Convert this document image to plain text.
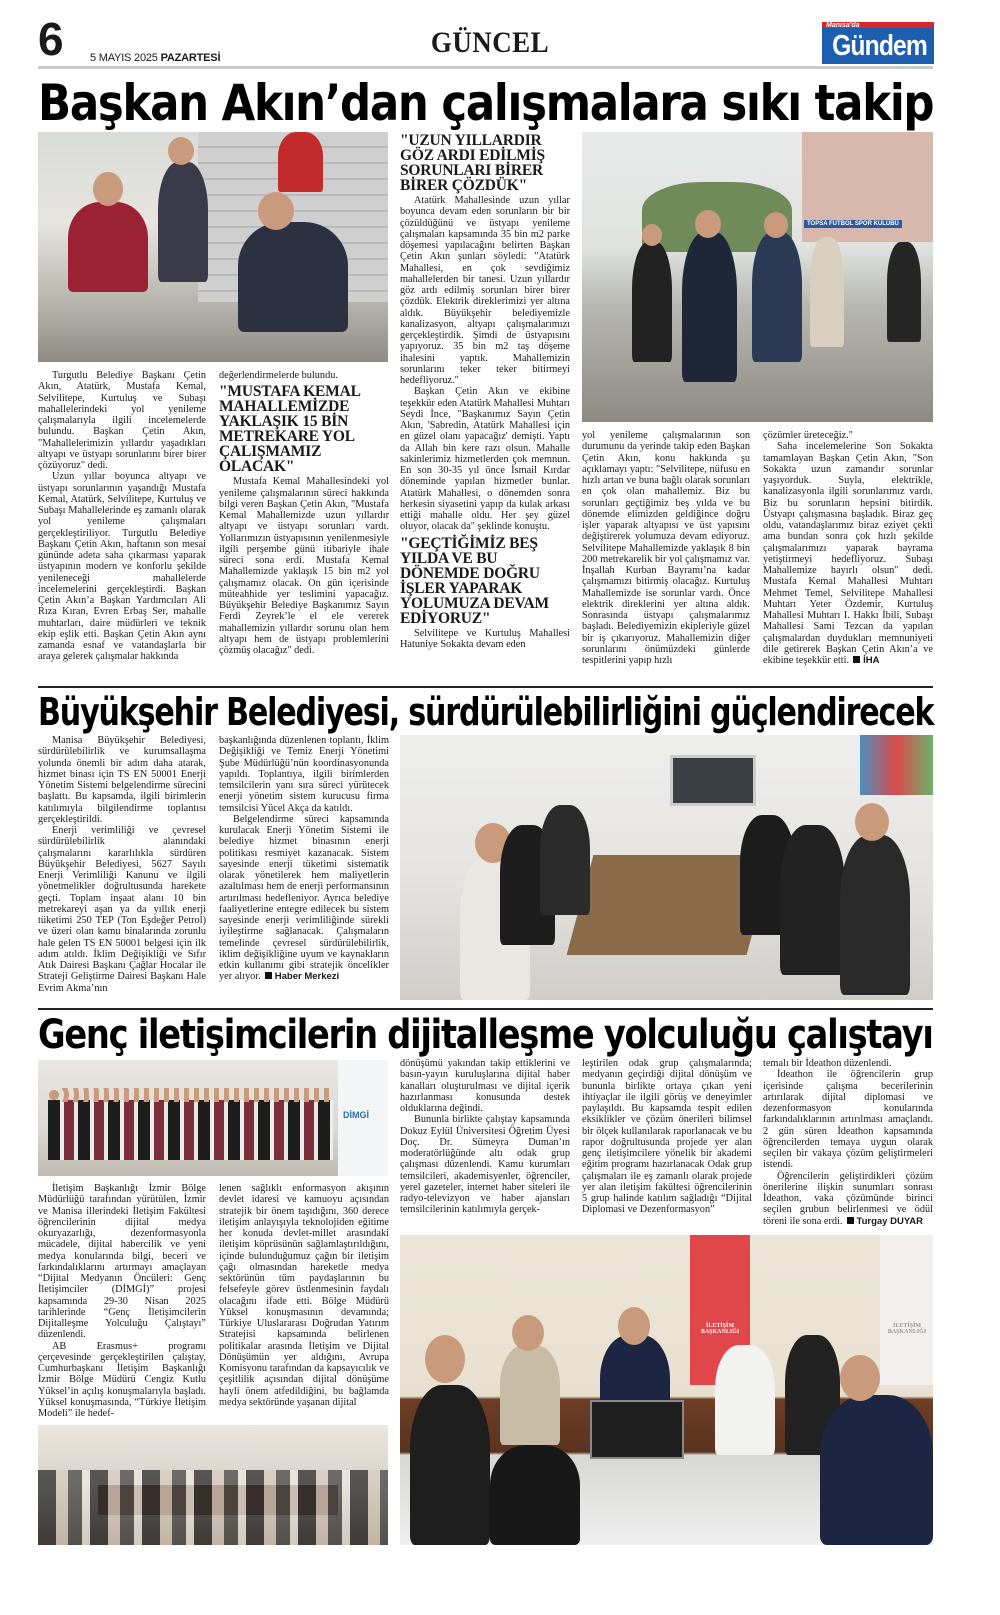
6 5 MAYIS 2025 PAZARTESİ	GÜNCEL
Manisa'da
Gündem
Başkan Akın’dan çalışmalara sıkı takip

Turgutlu Belediye Başkanı Çetin Akın, Atatürk, Mustafa Kemal, Selvilitepe, Kurtuluş ve Subaşı mahallelerindeki yol yenileme çalışmalarıyla ilgili incelemelerde bulundu. Başkan Çetin Akın, "Mahallelerimizin yıllardır yaşadıkları altyapı ve üstyapı sorunlarını birer birer çözüyoruz" dedi.

Uzun yıllar boyunca altyapı ve üstyapı sorunlarının yaşandığı Mustafa Kemal, Atatürk, Selvilitepe, Kurtuluş ve Subaşı Mahallelerinde eş zamanlı olarak yol yenileme çalışmaları gerçekleştiriliyor. Turgutlu Belediye Başkanı Çetin Akın, haftanın son mesai gününde adeta saha çıkarması yaparak üstyapının modern ve konforlu şekilde yenileneceği mahallelerde incelemelerini gerçekleştirdi. Başkan Çetin Akın’a Başkan Yardımcıları Ali Rıza Kıran, Evren Erbaş Ser, mahalle muhtarları, daire müdürleri ve teknik ekip eşlik etti. Başkan Çetin Akın aynı zamanda esnaf ve vatandaşlarla bir araya gelerek çalışmalar hakkında

değerlendirmelerde bulundu.

"MUSTAFA KEMAL MAHALLEMİZDE YAKLAŞIK 15 BİN METREKARE YOL ÇALIŞMAMIZ OLACAK"

Mustafa Kemal Mahallesindeki yol yenileme çalışmalarının süreci hakkında bilgi veren Başkan Çetin Akın, "Mustafa Kemal Mahallemizde uzun yıllardır altyapı ve üstyapı sorunları vardı. Yollarımızın üstyapısının yenilenmesiyle ilgili perşembe günü itibariyle ihale süreci sona erdi. Mustafa Kemal Mahallemizde yaklaşık 15 bin m2 yol çalışmamız olacak. On gün içerisinde müteahhide yer teslimini yapacağız. Büyükşehir Belediye Başkanımız Sayın Ferdi Zeyrek’le el ele vererek mahallemizin yıllardır sorunu olan hem altyapı hem de üstyapı problemlerini çözmüş olacağız" dedi.

"UZUN YILLARDIR GÖZ ARDI EDİLMİŞ SORUNLARI BİRER BİRER ÇÖZDÜK"

Atatürk Mahallesinde uzun yıllar boyunca devam eden sorunların bir bir çözüldüğünü ve üstyapı yenileme çalışmaları kapsamında 35 bin m2 parke döşemesi yapılacağını belirten Başkan Çetin Akın şunları söyledi: "Atatürk Mahallesi, en çok sevdiğimiz mahallelerden bir tanesi. Uzun yıllardır göz ardı edilmiş sorunları birer birer çözdük. Elektrik direklerimizi yer altına aldık. Büyükşehir belediyemizle kanalizasyon, altyapı çalışmalarımızı gerçekleştirdik. Şimdi de üstyapısını yapıyoruz. 35 bin m2 taş döşeme ihalesini yaptık. Mahallemizin sorunlarını teker teker bitirmeyi hedefliyoruz."

Başkan Çetin Akın ve ekibine teşekkür eden Atatürk Mahallesi Muhtarı Seydi İnce, "Başkanımız Sayın Çetin Akın, 'Sabredin, Atatürk Mahallesi için en güzel olanı yapacağız' demişti. Yaptı da Allah bin kere razı olsun. Mahalle sakinlerimiz hizmetlerden çok memnun. En son 30-35 yıl önce İsmail Kırdar döneminde yapılan hizmetler bunlar. Atatürk Mahallesi, o dönemden sonra herkesin siyasetini yapıp da kulak arkası ettiği mahalle oldu. Her şey güzel oluyor, olacak da" şeklinde konuştu.

"GEÇTİĞİMİZ BEŞ YILDA VE BU DÖNEMDE DOĞRU İŞLER YAPARAK YOLUMUZA DEVAM EDİYORUZ"

Selvilitepe ve Kurtuluş Mahallesi Hatuniye Sokakta devam eden

TOPSA FUTBOL SPOR KULÜBÜ

yol yenileme çalışmalarının son durumunu da yerinde takip eden Başkan Çetin Akın, konu hakkında şu açıklamayı yaptı: "Selvilitepe, nüfusu en hızlı artan ve buna bağlı olarak sorunları en çok olan mahallemiz. Biz bu sorunları geçtiğimiz beş yılda ve bu dönemde elimizden geldiğince doğru işler yaparak altyapısı ve üst yapısını değiştirerek yolumuza devam ediyoruz. Selvilitepe Mahallemizde yaklaşık 8 bin 200 metrekarelik bir yol çalışmamız var. İnşallah Kurban Bayramı’na kadar çalışmamızı bitirmiş olacağız. Kurtuluş Mahallemizde ise sorunlar vardı. Önce elektrik direklerini yer altına aldık. Sonrasında üstyapı çalışmalarımız başladı. Belediyemizin ekipleriyle güzel bir iş çıkarıyoruz. Mahallemizin diğer sorunlarını önümüzdeki günlerde tespitlerini yapıp hızlı

çözümler üreteceğiz."

Saha incelemelerine Son Sokakta tamamlayan Başkan Çetin Akın, "Son Sokakta uzun zamandır sorunlar yaşıyorduk. Suyla, elektrikle, kanalizasyonla ilgili sorunlarımız vardı. Biz bu sorunların hepsini bitirdik. Üstyapı çalışmasına başladık. Biraz geç oldu, vatandaşlarımız biraz eziyet çekti ama bundan sonra çok hızlı şekilde çalışmalarımızı yaparak bayrama yetiştirmeyi hedefliyoruz. Subaşı Mahallemize hayırlı olsun" dedi. Mustafa Kemal Mahallesi Muhtarı Mehmet Temel, Selvilitepe Mahallesi Muhtarı Yeter Özdemir, Kurtuluş Mahallesi Muhtarı I. Hakkı İbili, Subaşı Mahallesi Sami Tezcan da yapılan çalışmalardan duydukları memnuniyeti dile getirerek Başkan Çetin Akın’a ve ekibine teşekkür etti. İHA

Büyükşehir Belediyesi, sürdürülebilirliğini güçlendirecek

Manisa Büyükşehir Belediyesi, sürdürülebilirlik ve kurumsallaşma yolunda önemli bir adım daha atarak, hizmet binası için TS EN 50001 Enerji Yönetim Sistemi belgelendirme sürecini başlattı. Bu kapsamda, ilgili birimlerin katılımıyla bilgilendirme toplantısı gerçekleştirildi.

Enerji verimliliği ve çevresel sürdürülebilirlik alanındaki çalışmalarını kararlılıkla sürdüren Büyükşehir Belediyesi, 5627 Sayılı Enerji Verimliliği Kanunu ve ilgili yönetmelikler doğrultusunda harekete geçti. Toplam inşaat alanı 10 bin metrekareyi aşan ya da yıllık enerji tüketimi 250 TEP (Ton Eşdeğer Petrol) ve üzeri olan kamu binalarında zorunlu hale gelen TS EN 50001 belgesi için ilk adım atıldı. İklim Değişikliği ve Sıfır Atık Dairesi Başkanı Çağlar Hocalar ile Strateji Geliştirme Dairesi Başkanı Hale Evrim Akma’nın

başkanlığında düzenlenen toplantı, İklim Değişikliği ve Temiz Enerji Yönetimi Şube Müdürlüğü’nün koordinasyonunda yapıldı. Toplantıya, ilgili birimlerden temsilcilerin yanı sıra süreci yürütecek enerji yönetim sistem kurucusu firma temsilcisi Yücel Akça da katıldı.

Belgelendirme süreci kapsamında kurulacak Enerji Yönetim Sistemi ile belediye hizmet binasının enerji politikası resmiyet kazanacak. Sistem sayesinde enerji tüketimi sistematik olarak yönetilerek hem maliyetlerin azaltılması hem de enerji performansının artırılması hedefleniyor. Ayrıca belediye faaliyetlerine entegre edilecek bu sistem sayesinde enerji verimliliğinde sürekli iyileştirme sağlanacak. Çalışmaların temelinde çevresel sürdürülebilirlik, iklim değişikliğine uyum ve kaynakların etkin kullanımı gibi stratejik öncelikler yer alıyor. Haber Merkezi

Genç iletişimcilerin dijitalleşme yolculuğu çalıştayı
DİMGİ

İletişim Başkanlığı İzmir Bölge Müdürlüğü tarafından yürütülen, İzmir ve Manisa illerindeki İletişim Fakültesi öğrencilerinin dijital medya okuryazarlığı, dezenformasyonla mücadele, dijital habercilik ve yeni medya konularında bilgi, beceri ve farkındalıklarını artırmayı amaçlayan “Dijital Medyanın Öncüleri: Genç İletişimciler (DİMGİ)” projesi kapsamında 29-30 Nisan 2025 tarihlerinde “Genç İletişimcilerin Dijitalleşme Yolculuğu Çalıştayı” düzenlendi.

AB Erasmus+ programı çerçevesinde gerçekleştirilen çalıştay, Cumhurbaşkanı İletişim Başkanlığı İzmir Bölge Müdürü Cengiz Kutlu Yüksel’in açılış konuşmalarıyla başladı. Yüksel konuşmasında, “Türkiye İletişim Modeli” ile hedef-

lenen sağlıklı enformasyon akışının devlet idaresi ve kamuoyu açısından stratejik bir önem taşıdığını, 360 derece iletişim anlayışıyla teknolojiden eğitime her konuda devlet-millet arasındaki iletişim köprüsünün sağlamlaştırıldığını, içinde bulunduğumuz çağın bir iletişim çağı olmasından hareketle medya sektörünün tüm paydaşlarının bu felsefeyle görev üstlenmesinin faydalı olacağını ifade etti. Bölge Müdürü Yüksel konuşmasının devamında; Türkiye Uluslararası Doğrudan Yatırım Stratejisi kapsamında belirlenen politikalar arasında İletişim ve Dijital Dönüşümün yer aldığını, Avrupa Komisyonu tarafından da kapsayıcılık ve çeşitlilik açısından dijital dönüşüme hayli önem atfedildiğini, bu bağlamda medya sektöründe yaşanan dijital

dönüşümü yakından takip ettiklerini ve basın-yayın kuruluşlarına dijital haber kanalları oluşturulması ve dijital içerik hazırlanması konusunda destek olduklarına değindi.

Bununla birlikte çalıştay kapsamında Dokuz Eylül Üniversitesi Öğretim Üyesi Doç. Dr. Sümeyra Duman’ın moderatörlüğünde altı odak grup çalışması düzenlendi. Kamu kurumları temsilcileri, akademisyenler, öğrenciler, yerel gazeteler, internet haber siteleri ile radyo-televizyon ve haber ajansları temsilcilerinin katılımıyla gerçek-

leştirilen odak grup çalışmalarında; medyanın geçirdiği dijital dönüşüm ve bununla birlikte ortaya çıkan yeni ihtiyaçlar ile ilgili görüş ve deneyimler paylaşıldı. Bu kapsamda tespit edilen eksiklikler ve çözüm önerileri bilimsel bir ölçek kullanılarak raporlanacak ve bu rapor doğrultusunda projede yer alan genç iletişimcilere yönelik bir akademi eğitim programı hazırlanacak Odak grup çalışmaları ile eş zamanlı olarak projede yer alan iletişim fakültesi öğrencilerinin 5 grup halinde katılım sağladığı “Dijital Diplomasi ve Dezenformasyon”

temalı bir İdeathon düzenlendi.

İdeathon ile öğrencilerin grup içerisinde çalışma becerilerinin artırılarak dijital diplomasi ve dezenformasyon konularında farkındalıklarının artırılması amaçlandı. 2 gün süren İdeathon kapsamında öğrencilerden temaya uygun olarak seçilen bir vakaya çözüm geliştirmeleri istendi.

Öğrencilerin geliştirdikleri çözüm önerilerine ilişkin sunumları sonrası İdeathon, vaka çözümünde birinci seçilen grubun belirlenmesi ve ödül töreni ile sona erdi. Turgay DUYAR

İLETİŞİM BAŞKANLIĞI
İLETİŞİM BAŞKANLIĞI
